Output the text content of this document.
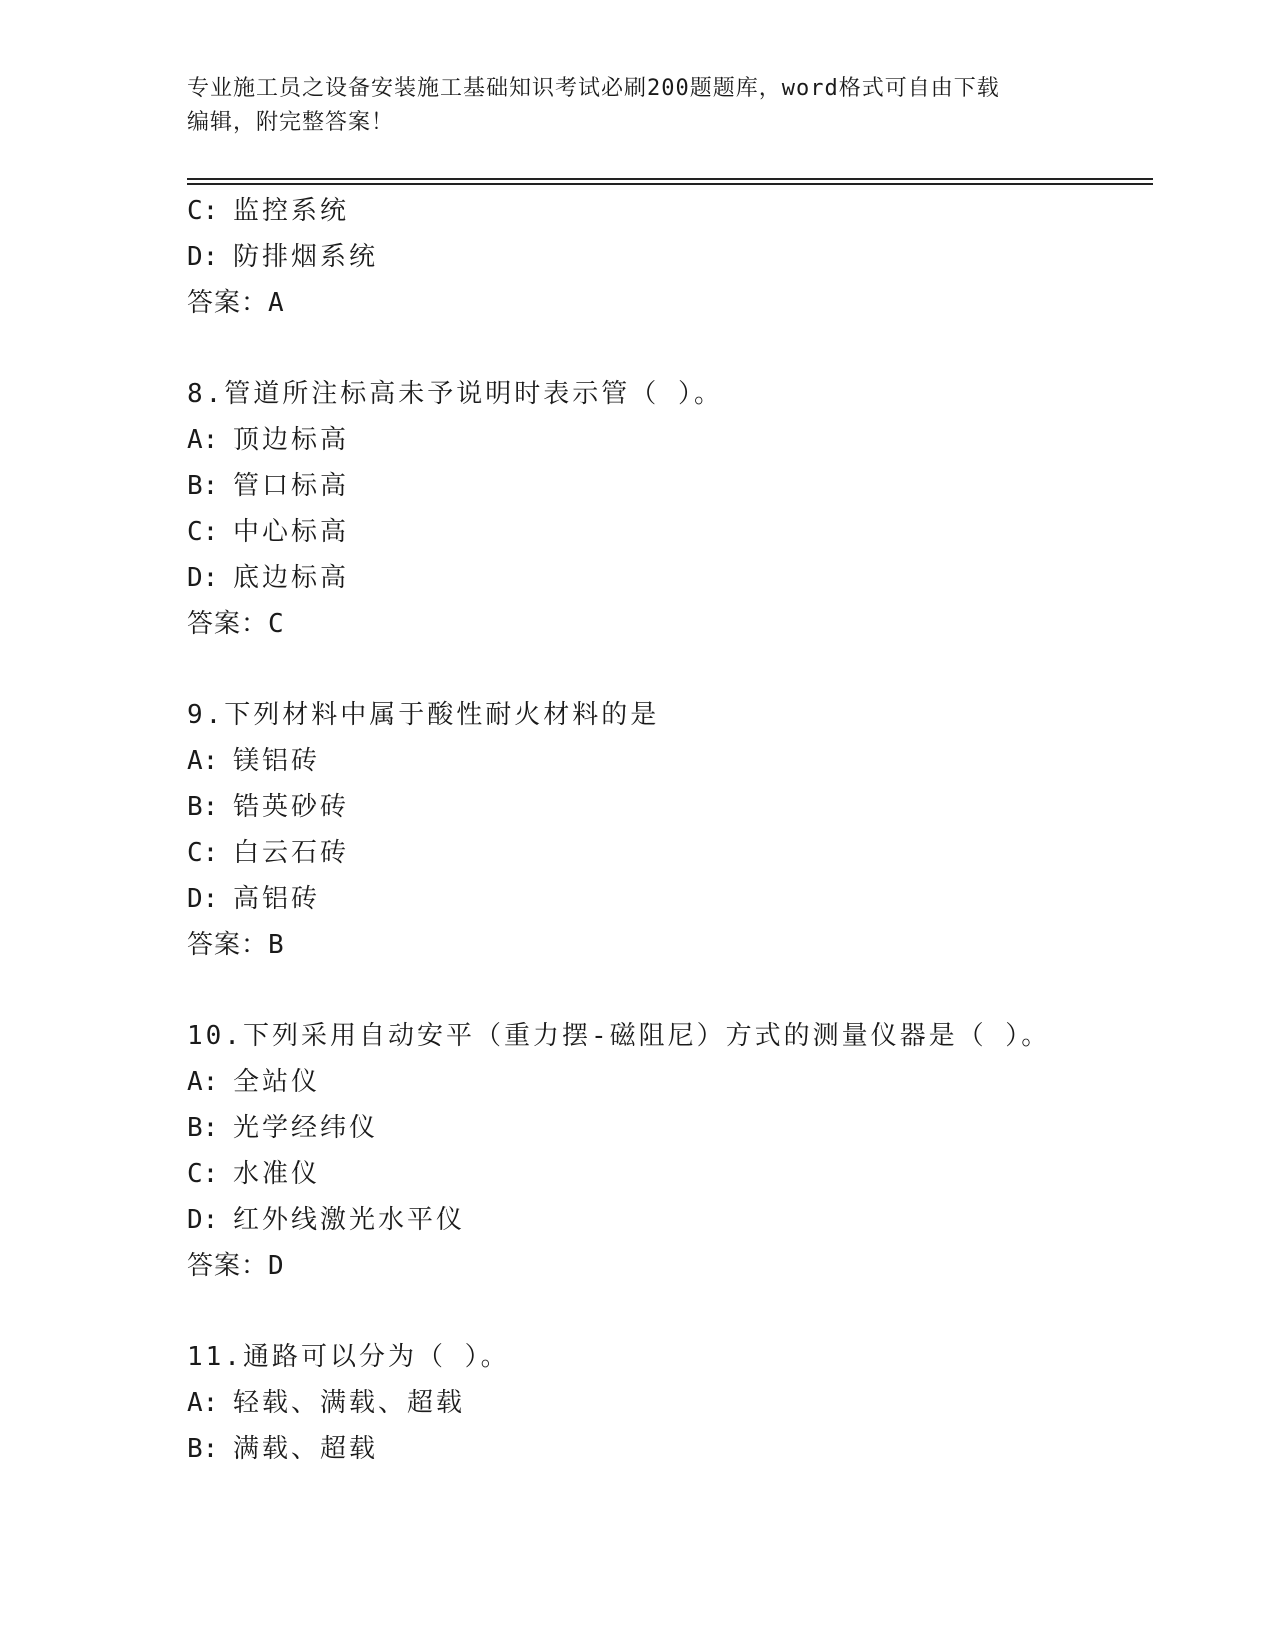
专业施工员之设备安装施工基础知识考试必刷200题题库，word格式可自由下载
编辑，附完整答案！
C: 监控系统
D: 防排烟系统
答案：A
8.管道所注标高未予说明时表示管（ ）。
A: 顶边标高
B: 管口标高
C: 中心标高
D: 底边标高
答案：C
9.下列材料中属于酸性耐火材料的是
A: 镁铝砖
B: 锆英砂砖
C: 白云石砖
D: 高铝砖
答案：B
10.下列采用自动安平（重力摆-磁阻尼）方式的测量仪器是（ ）。
A: 全站仪
B: 光学经纬仪
C: 水准仪
D: 红外线激光水平仪
答案：D
11.通路可以分为（ ）。
A: 轻载、满载、超载
B: 满载、超载
